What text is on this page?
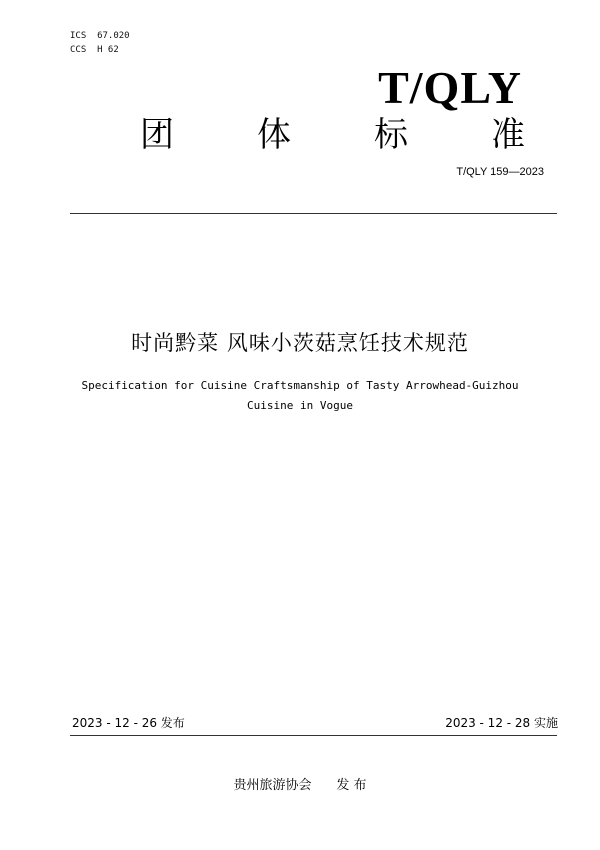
ICS  67.020
CCS  H 62
T/QLY
团 体 标 准
T/QLY 159—2023
时尚黔菜 风味小茨菇烹饪技术规范
Specification for Cuisine Craftsmanship of Tasty Arrowhead-Guizhou
Cuisine in Vogue
2023 - 12 - 26 发布	2023 - 12 - 28 实施
贵州旅游协会 发 布
